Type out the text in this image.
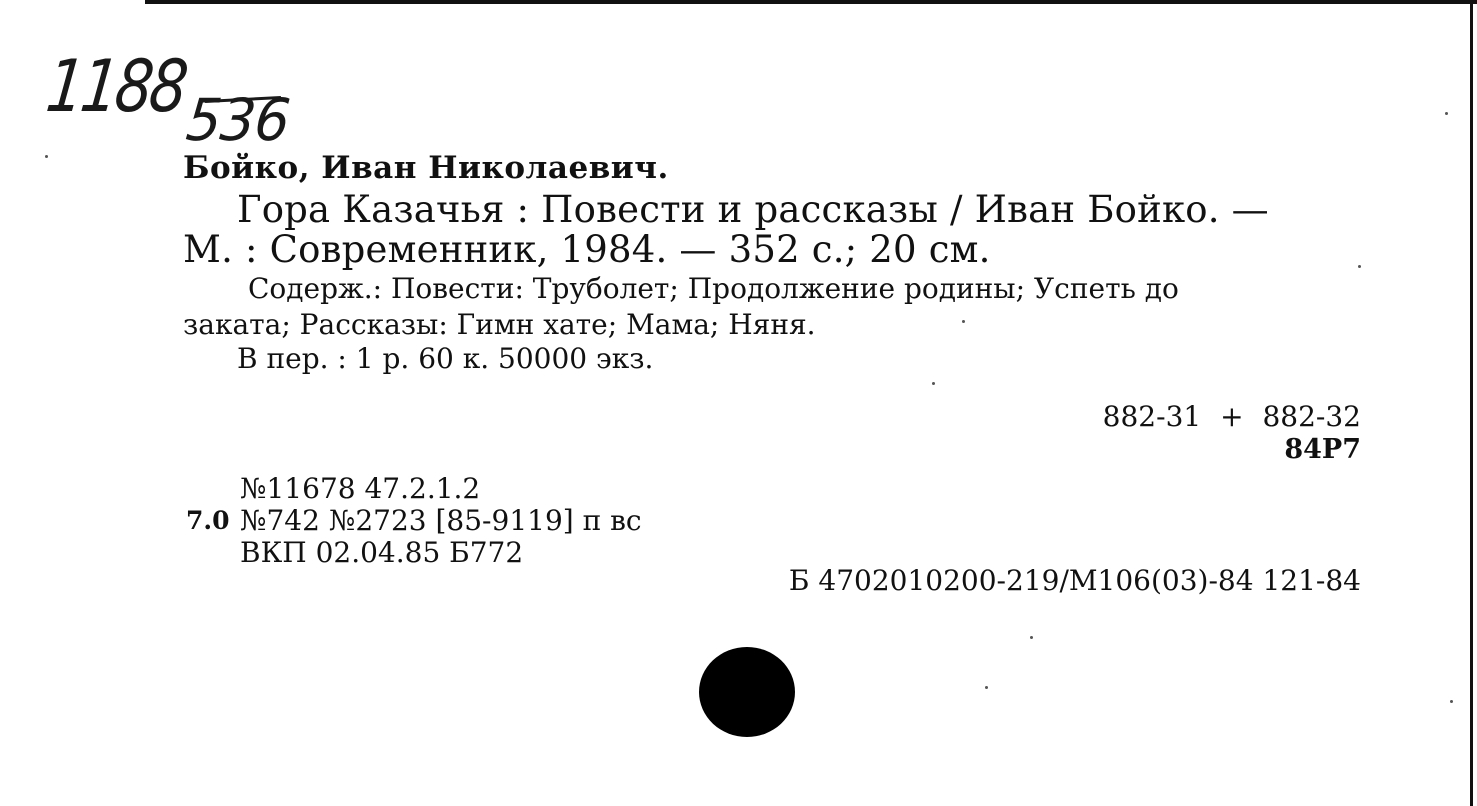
1188
536
Бойко, Иван Николаевич.
Гора Казачья : Повести и рассказы / Иван Бойко. —
М. : Современник, 1984. — 352 с.; 20 см.
Содерж.: Повести: Труболет; Продолжение родины; Успеть до
заката; Рассказы: Гимн хате; Мама; Няня.
В пер. : 1 р. 60 к. 50000 экз.
882-31 + 882-32
84Р7
№11678 47.2.1.2
7.0 №742 №2723 [85-9119] п вс
ВКП 02.04.85 Б772
Б 4702010200-219/М106(03)-84 121-84
